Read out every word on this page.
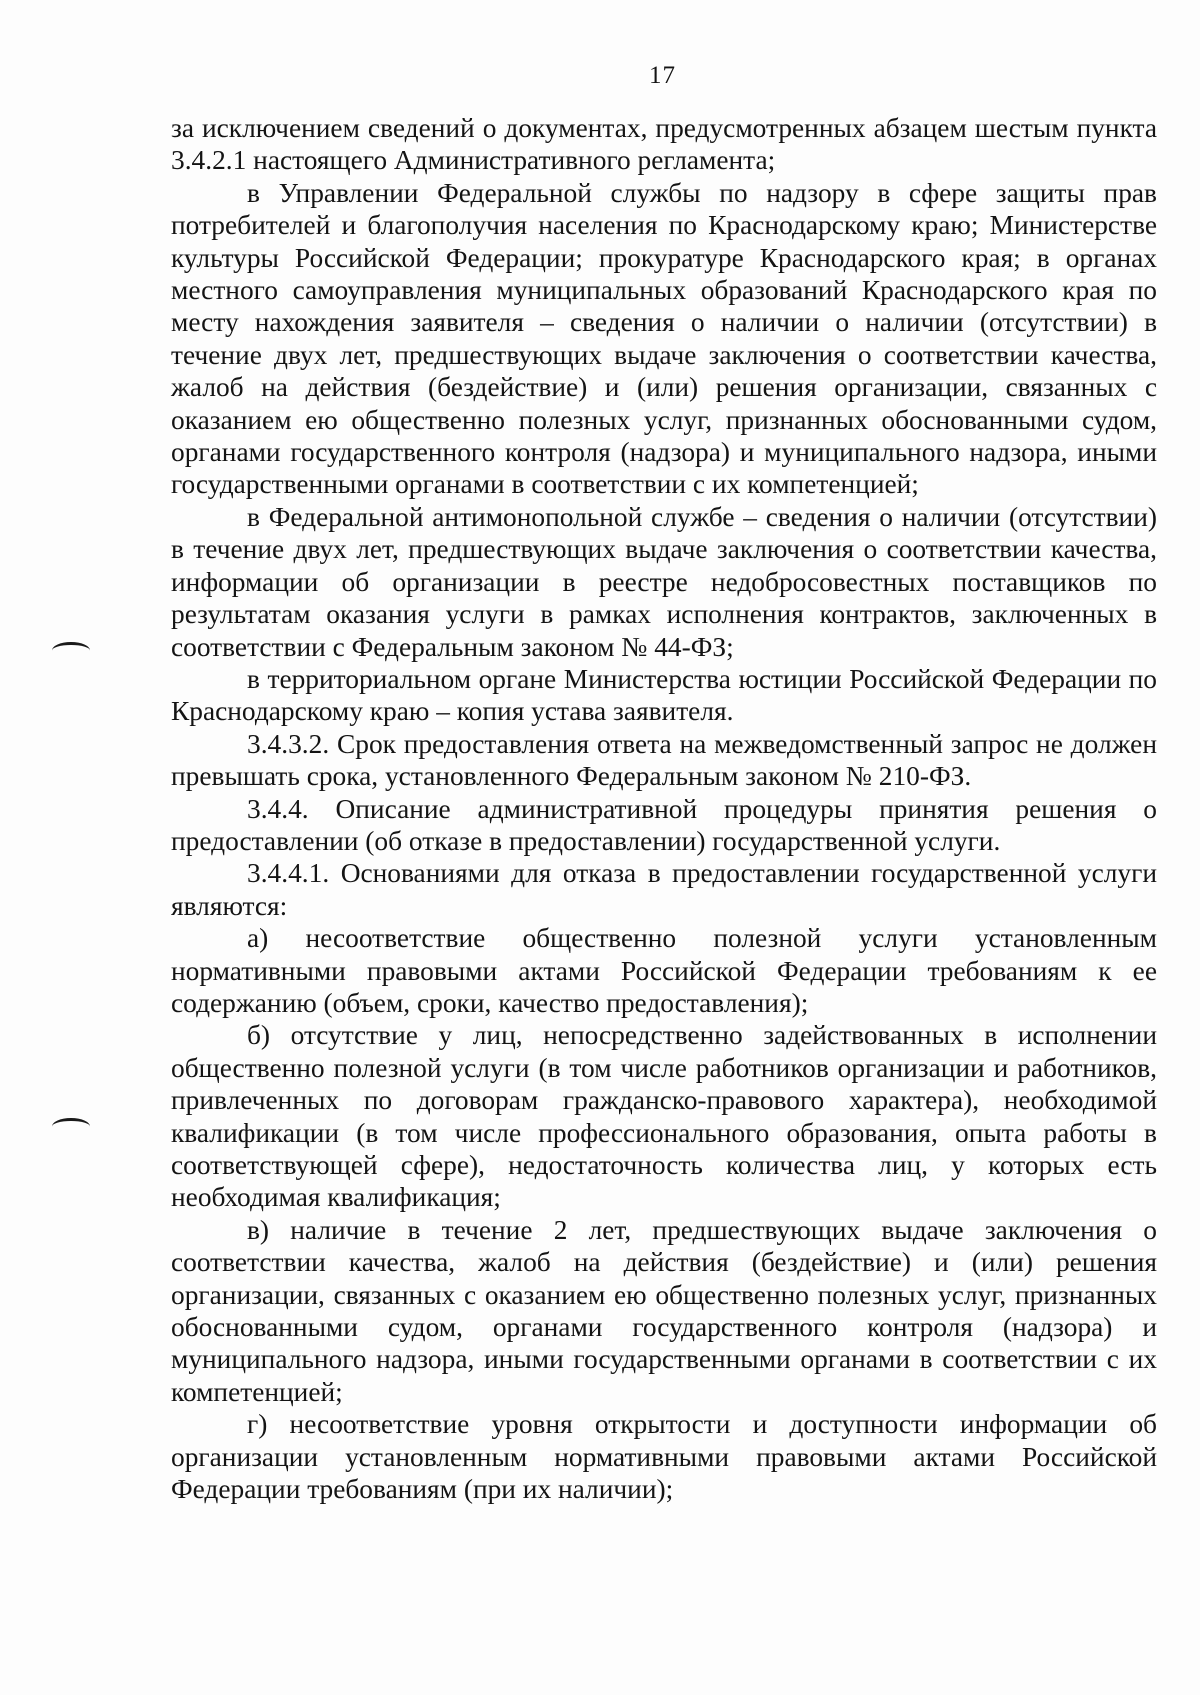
17

за исключением сведений о документах, предусмотренных абзацем шестым пункта 3.4.2.1 настоящего Административного регламента;

в Управлении Федеральной службы по надзору в сфере защиты прав потребителей и благополучия населения по Краснодарскому краю; Министерстве культуры Российской Федерации; прокуратуре Краснодарского края; в органах местного самоуправления муниципальных образований Краснодарского края по месту нахождения заявителя – сведения о наличии о наличии (отсутствии) в течение двух лет, предшествующих выдаче заключения о соответствии качества, жалоб на действия (бездействие) и (или) решения организации, связанных с оказанием ею общественно полезных услуг, признанных обоснованными судом, органами государственного контроля (надзора) и муниципального надзора, иными государственными органами в соответствии с их компетенцией;

в Федеральной антимонопольной службе – сведения о наличии (отсутствии) в течение двух лет, предшествующих выдаче заключения о соответствии качества, информации об организации в реестре недобросовестных поставщиков по результатам оказания услуги в рамках исполнения контрактов, заключенных в соответствии с Федеральным законом № 44-ФЗ;

в территориальном органе Министерства юстиции Российской Федерации по Краснодарскому краю – копия устава заявителя.

3.4.3.2. Срок предоставления ответа на межведомственный запрос не должен превышать срока, установленного Федеральным законом № 210-ФЗ.

3.4.4. Описание административной процедуры принятия решения о предоставлении (об отказе в предоставлении) государственной услуги.

3.4.4.1. Основаниями для отказа в предоставлении государственной услуги являются:

а) несоответствие общественно полезной услуги установленным нормативными правовыми актами Российской Федерации требованиям к ее содержанию (объем, сроки, качество предоставления);

б) отсутствие у лиц, непосредственно задействованных в исполнении общественно полезной услуги (в том числе работников организации и работников, привлеченных по договорам гражданско-правового характера), необходимой квалификации (в том числе профессионального образования, опыта работы в соответствующей сфере), недостаточность количества лиц, у которых есть необходимая квалификация;

в) наличие в течение 2 лет, предшествующих выдаче заключения о соответствии качества, жалоб на действия (бездействие) и (или) решения организации, связанных с оказанием ею общественно полезных услуг, признанных обоснованными судом, органами государственного контроля (надзора) и муниципального надзора, иными государственными органами в соответствии с их компетенцией;

г) несоответствие уровня открытости и доступности информации об организации установленным нормативными правовыми актами Российской Федерации требованиям (при их наличии);
